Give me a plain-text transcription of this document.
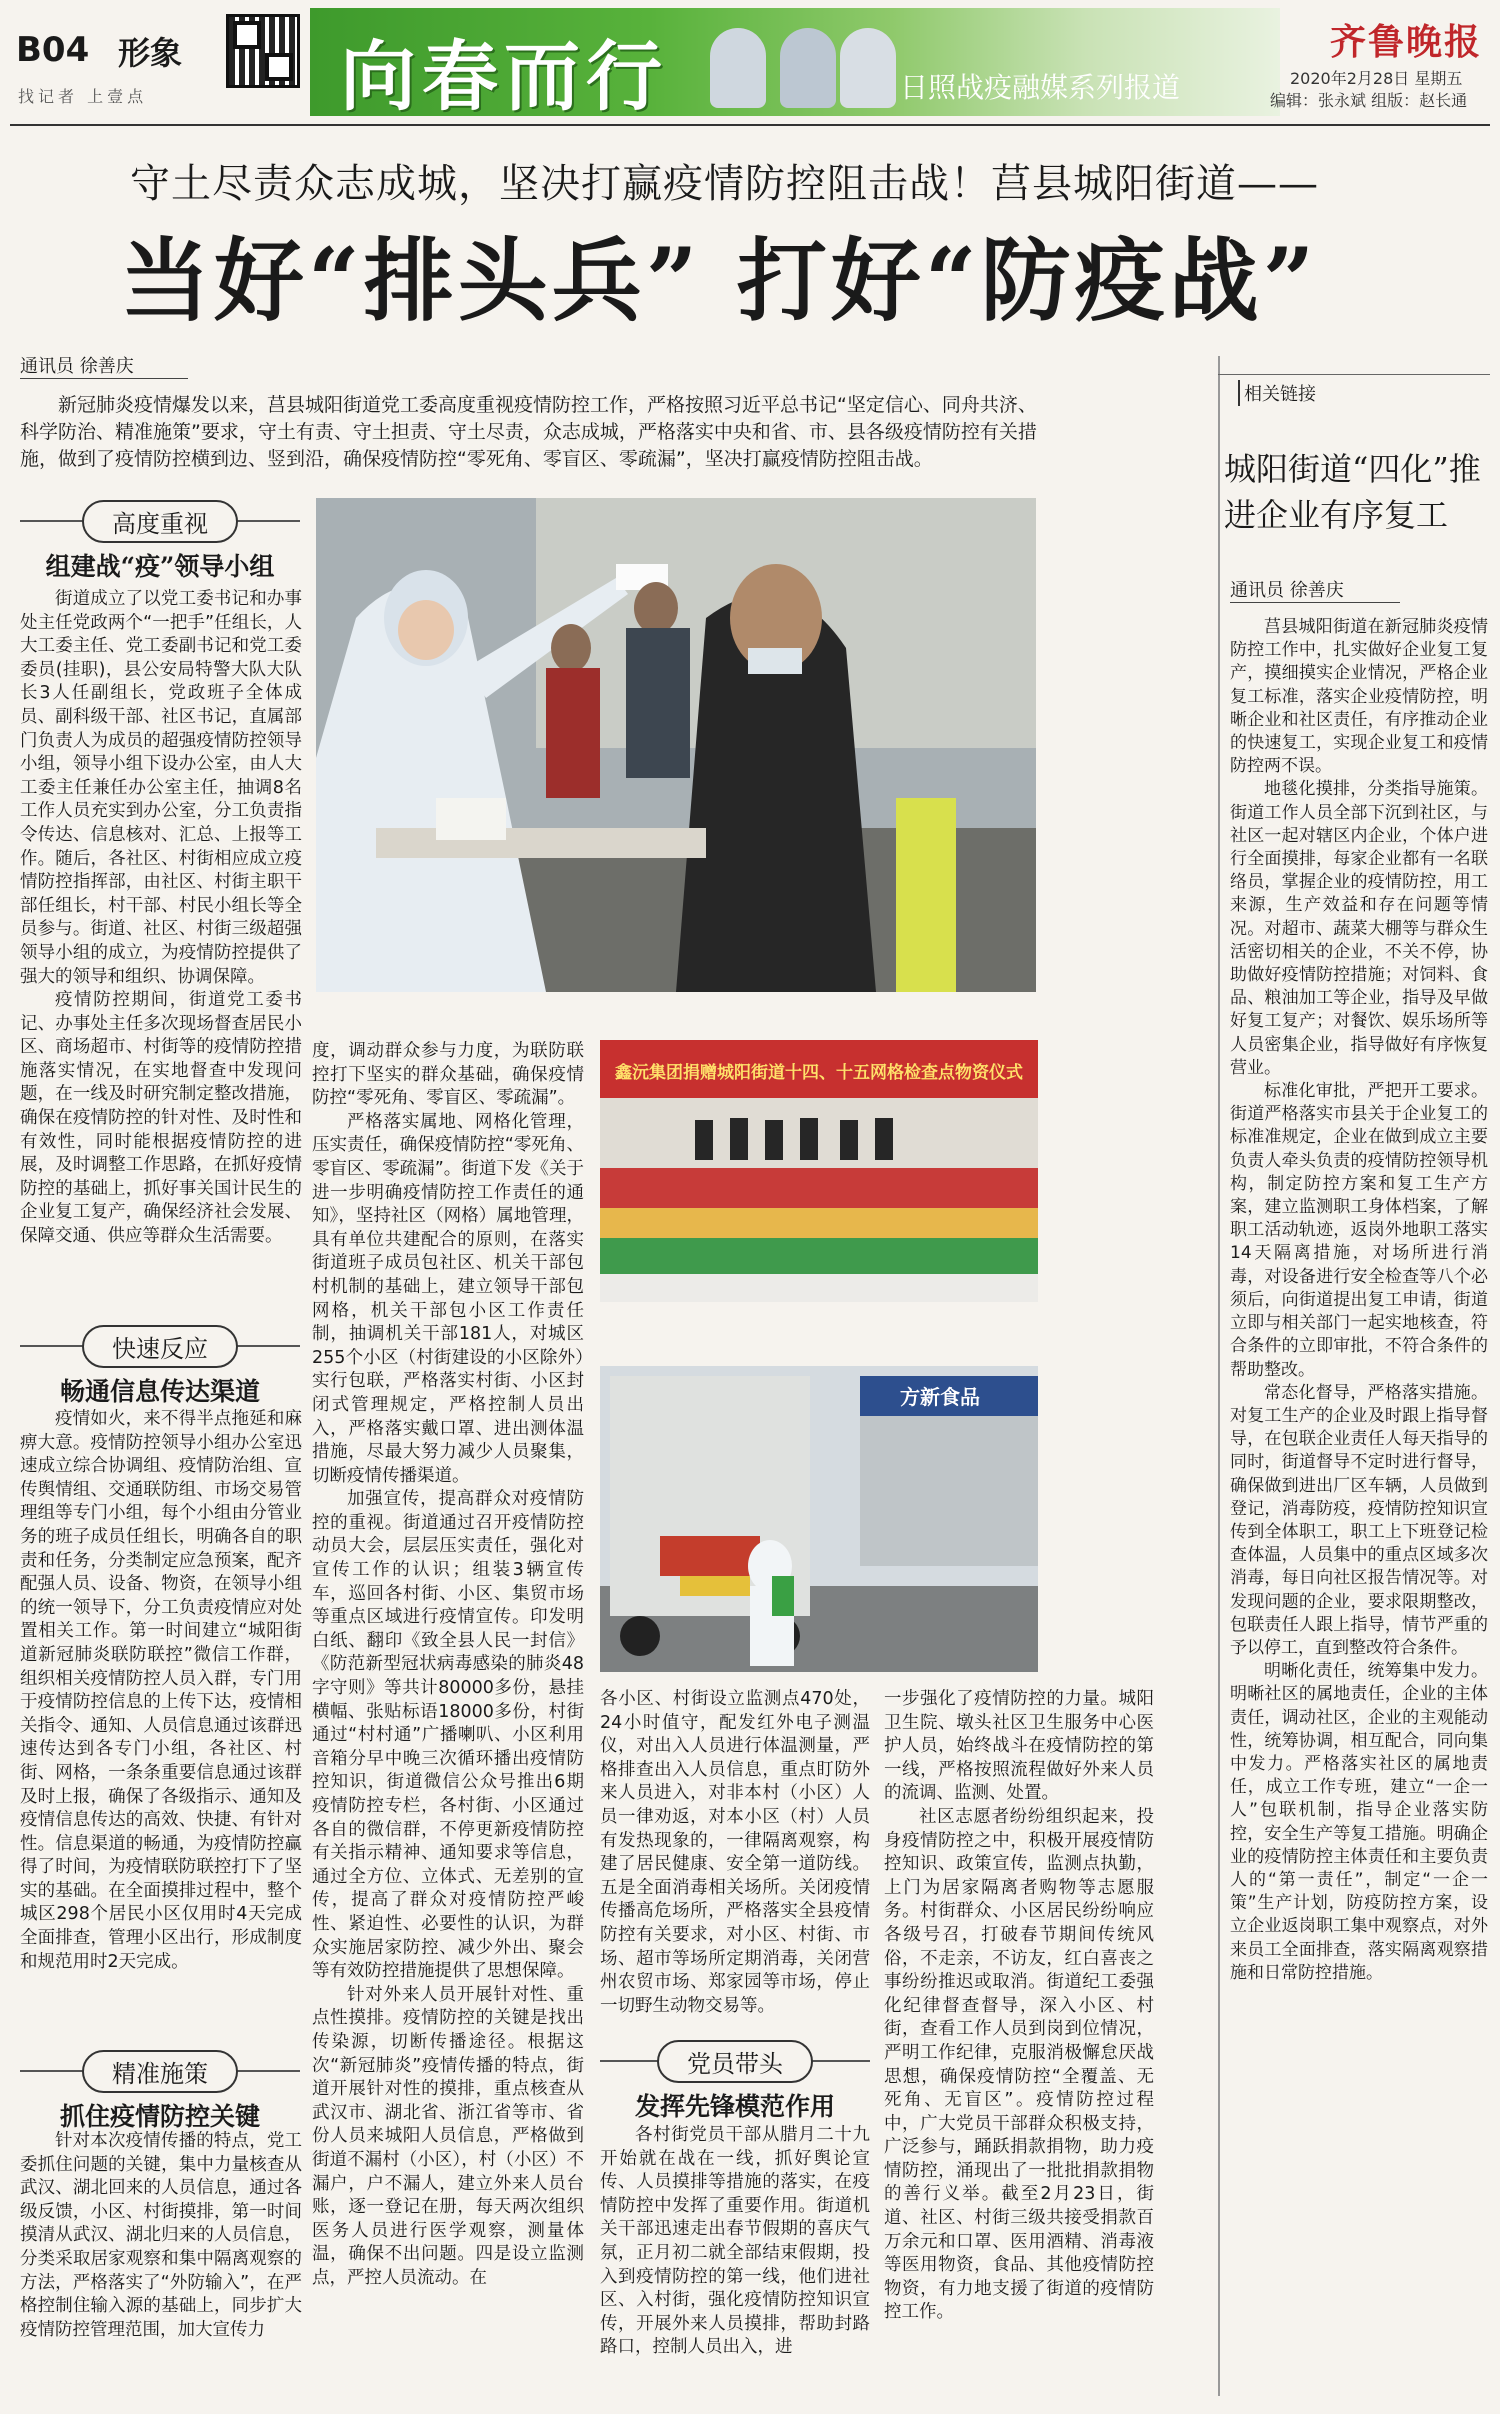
B04 形象
找记者 上壹点	向春而行	日照战疫融媒系列报道
齐鲁晚报
2020年2月28日 星期五
编辑：张永斌 组版：赵长通
守土尽责众志成城，坚决打赢疫情防控阻击战！莒县城阳街道——
当好“排头兵” 打好“防疫战”
通讯员 徐善庆
新冠肺炎疫情爆发以来，莒县城阳街道党工委高度重视疫情防控工作，严格按照习近平总书记“坚定信心、同舟共济、科学防治、精准施策”要求，守土有责、守土担责、守土尽责，众志成城，严格落实中央和省、市、县各级疫情防控有关措施，做到了疫情防控横到边、竖到沿，确保疫情防控“零死角、零盲区、零疏漏”，坚决打赢疫情防控阻击战。
鑫沅集团捐赠城阳街道十四、十五网格检查点物资仪式
方新食品
高度重视
组建战“疫”领导小组

街道成立了以党工委书记和办事处主任党政两个“一把手”任组长，人大工委主任、党工委副书记和党工委委员(挂职)，县公安局特警大队大队长3人任副组长，党政班子全体成员、副科级干部、社区书记，直属部门负责人为成员的超强疫情防控领导小组，领导小组下设办公室，由人大工委主任兼任办公室主任，抽调8名工作人员充实到办公室，分工负责指令传达、信息核对、汇总、上报等工作。随后，各社区、村街相应成立疫情防控指挥部，由社区、村街主职干部任组长，村干部、村民小组长等全员参与。街道、社区、村街三级超强领导小组的成立，为疫情防控提供了强大的领导和组织、协调保障。

疫情防控期间，街道党工委书记、办事处主任多次现场督查居民小区、商场超市、村街等的疫情防控措施落实情况，在实地督查中发现问题，在一线及时研究制定整改措施，确保在疫情防控的针对性、及时性和有效性，同时能根据疫情防控的进展，及时调整工作思路，在抓好疫情防控的基础上，抓好事关国计民生的企业复工复产，确保经济社会发展、保障交通、供应等群众生活需要。

快速反应
畅通信息传达渠道

疫情如火，来不得半点拖延和麻痹大意。疫情防控领导小组办公室迅速成立综合协调组、疫情防治组、宣传舆情组、交通联防组、市场交易管理组等专门小组，每个小组由分管业务的班子成员任组长，明确各自的职责和任务，分类制定应急预案，配齐配强人员、设备、物资，在领导小组的统一领导下，分工负责疫情应对处置相关工作。第一时间建立“城阳街道新冠肺炎联防联控”微信工作群，组织相关疫情防控人员入群，专门用于疫情防控信息的上传下达，疫情相关指令、通知、人员信息通过该群迅速传达到各专门小组，各社区、村街、网格，一条条重要信息通过该群及时上报，确保了各级指示、通知及疫情信息传达的高效、快捷、有针对性。信息渠道的畅通，为疫情防控赢得了时间，为疫情联防联控打下了坚实的基础。在全面摸排过程中，整个城区298个居民小区仅用时4天完成全面排查，管理小区出行，形成制度和规范用时2天完成。

精准施策
抓住疫情防控关键

针对本次疫情传播的特点，党工委抓住问题的关键，集中力量核查从武汉、湖北回来的人员信息，通过各级反馈，小区、村街摸排，第一时间摸清从武汉、湖北归来的人员信息，分类采取居家观察和集中隔离观察的方法，严格落实了“外防输入”，在严格控制住输入源的基础上，同步扩大疫情防控管理范围，加大宣传力

度，调动群众参与力度，为联防联控打下坚实的群众基础，确保疫情防控“零死角、零盲区、零疏漏”。

严格落实属地、网格化管理，压实责任，确保疫情防控“零死角、零盲区、零疏漏”。街道下发《关于进一步明确疫情防控工作责任的通知》，坚持社区（网格）属地管理，具有单位共建配合的原则，在落实街道班子成员包社区、机关干部包村机制的基础上，建立领导干部包网格，机关干部包小区工作责任制，抽调机关干部181人，对城区255个小区（村街建设的小区除外）实行包联，严格落实村街、小区封闭式管理规定，严格控制人员出入，严格落实戴口罩、进出测体温措施，尽最大努力减少人员聚集，切断疫情传播渠道。

加强宣传，提高群众对疫情防控的重视。街道通过召开疫情防控动员大会，层层压实责任，强化对宣传工作的认识；组装3辆宣传车，巡回各村街、小区、集贸市场等重点区域进行疫情宣传。印发明白纸、翻印《致全县人民一封信》《防范新型冠状病毒感染的肺炎48字守则》等共计80000多份，悬挂横幅、张贴标语18000多份，村街通过“村村通”广播喇叭、小区利用音箱分早中晚三次循环播出疫情防控知识，街道微信公众号推出6期疫情防控专栏，各村街、小区通过各自的微信群，不停更新疫情防控有关指示精神、通知要求等信息，通过全方位、立体式、无差别的宣传，提高了群众对疫情防控严峻性、紧迫性、必要性的认识，为群众实施居家防控、减少外出、聚会等有效防控措施提供了思想保障。

针对外来人员开展针对性、重点性摸排。疫情防控的关键是找出传染源，切断传播途径。根据这次“新冠肺炎”疫情传播的特点，街道开展针对性的摸排，重点核查从武汉市、湖北省、浙江省等市、省份人员来城阳人员信息，严格做到街道不漏村（小区），村（小区）不漏户，户不漏人，建立外来人员台账，逐一登记在册，每天两次组织医务人员进行医学观察，测量体温，确保不出问题。四是设立监测点，严控人员流动。在

各小区、村街设立监测点470处，24小时值守，配发红外电子测温仪，对出入人员进行体温测量，严格排查出入人员信息，重点盯防外来人员进入，对非本村（小区）人员一律劝返，对本小区（村）人员有发热现象的，一律隔离观察，构建了居民健康、安全第一道防线。五是全面消毒相关场所。关闭疫情传播高危场所，严格落实全县疫情防控有关要求，对小区、村街、市场、超市等场所定期消毒，关闭营州农贸市场、郑家园等市场，停止一切野生动物交易等。

党员带头
发挥先锋模范作用

各村街党员干部从腊月二十九开始就在战在一线，抓好舆论宣传、人员摸排等措施的落实，在疫情防控中发挥了重要作用。街道机关干部迅速走出春节假期的喜庆气氛，正月初二就全部结束假期，投入到疫情防控的第一线，他们进社区、入村街，强化疫情防控知识宣传，开展外来人员摸排，帮助封路路口，控制人员出入，进

一步强化了疫情防控的力量。城阳卫生院、墩头社区卫生服务中心医护人员，始终战斗在疫情防控的第一线，严格按照流程做好外来人员的流调、监测、处置。

社区志愿者纷纷组织起来，投身疫情防控之中，积极开展疫情防控知识、政策宣传，监测点执勤，上门为居家隔离者购物等志愿服务。村街群众、小区居民纷纷响应各级号召，打破春节期间传统风俗，不走亲，不访友，红白喜丧之事纷纷推迟或取消。街道纪工委强化纪律督查督导，深入小区、村街，查看工作人员到岗到位情况，严明工作纪律，克服消极懈怠厌战思想，确保疫情防控“全覆盖、无死角、无盲区”。疫情防控过程中，广大党员干部群众积极支持，广泛参与，踊跃捐款捐物，助力疫情防控，涌现出了一批批捐款捐物的善行义举。截至2月23日，街道、社区、村街三级共接受捐款百万余元和口罩、医用酒精、消毒液等医用物资，食品、其他疫情防控物资，有力地支援了街道的疫情防控工作。

相关链接
城阳街道“四化”推进企业有序复工
通讯员 徐善庆

莒县城阳街道在新冠肺炎疫情防控工作中，扎实做好企业复工复产，摸细摸实企业情况，严格企业复工标准，落实企业疫情防控，明晰企业和社区责任，有序推动企业的快速复工，实现企业复工和疫情防控两不误。

地毯化摸排，分类指导施策。街道工作人员全部下沉到社区，与社区一起对辖区内企业，个体户进行全面摸排，每家企业都有一名联络员，掌握企业的疫情防控，用工来源，生产效益和存在问题等情况。对超市、蔬菜大棚等与群众生活密切相关的企业，不关不停，协助做好疫情防控措施；对饲料、食品、粮油加工等企业，指导及早做好复工复产；对餐饮、娱乐场所等人员密集企业，指导做好有序恢复营业。

标准化审批，严把开工要求。街道严格落实市县关于企业复工的标准准规定，企业在做到成立主要负责人牵头负责的疫情防控领导机构，制定防控方案和复工生产方案，建立监测职工身体档案，了解职工活动轨迹，返岗外地职工落实14天隔离措施，对场所进行消毒，对设备进行安全检查等八个必须后，向街道提出复工申请，街道立即与相关部门一起实地核查，符合条件的立即审批，不符合条件的帮助整改。

常态化督导，严格落实措施。对复工生产的企业及时跟上指导督导，在包联企业责任人每天指导的同时，街道督导不定时进行督导，确保做到进出厂区车辆，人员做到登记，消毒防疫，疫情防控知识宣传到全体职工，职工上下班登记检查体温，人员集中的重点区域多次消毒，每日向社区报告情况等。对发现问题的企业，要求限期整改，包联责任人跟上指导，情节严重的予以停工，直到整改符合条件。

明晰化责任，统筹集中发力。明晰社区的属地责任，企业的主体责任，调动社区，企业的主观能动性，统筹协调，相互配合，同向集中发力。严格落实社区的属地责任，成立工作专班，建立“一企一人”包联机制，指导企业落实防控，安全生产等复工措施。明确企业的疫情防控主体责任和主要负责人的“第一责任”，制定“一企一策”生产计划，防疫防控方案，设立企业返岗职工集中观察点，对外来员工全面排查，落实隔离观察措施和日常防控措施。
